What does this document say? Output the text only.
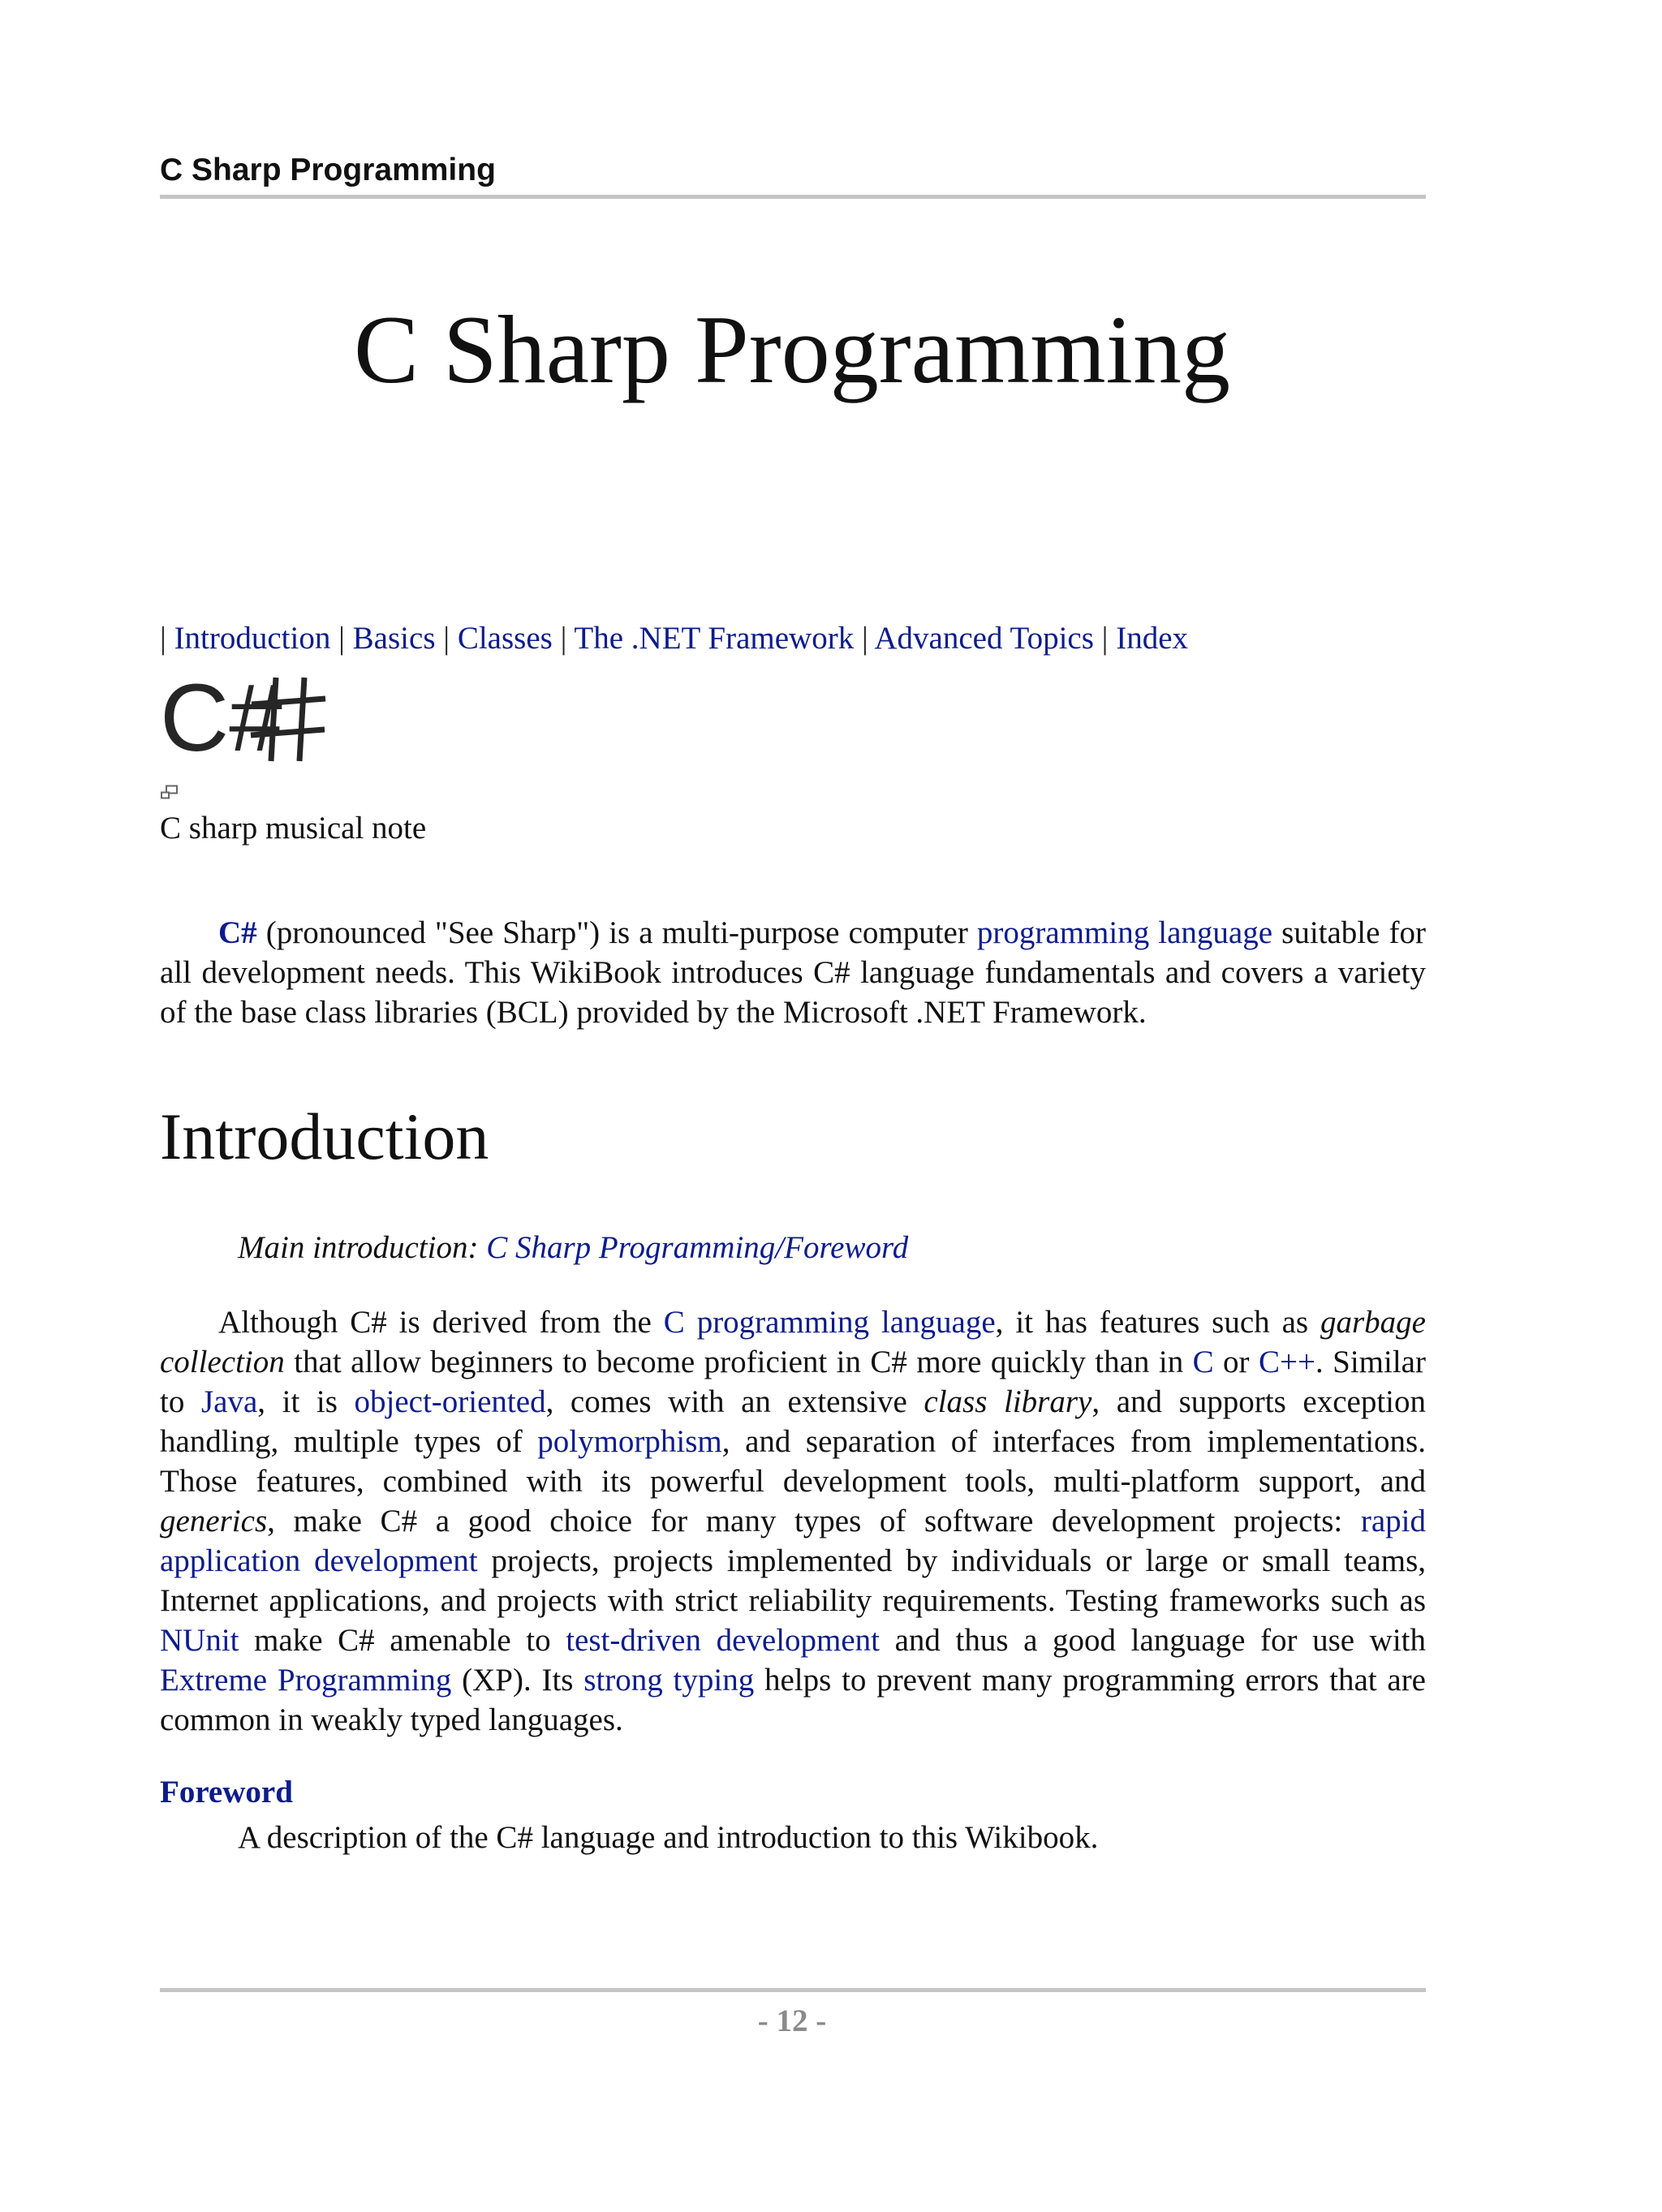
C Sharp Programming
C Sharp Programming
| Introduction | Basics | Classes | The .NET Framework | Advanced Topics | Index
C#
C sharp musical note

C# (pronounced "See Sharp") is a multi-purpose computer programming language suitable for all development needs. This WikiBook introduces C# language fundamentals and covers a variety of the base class libraries (BCL) provided by the Microsoft .NET Framework.

Introduction
Main introduction: C Sharp Programming/Foreword

Although C# is derived from the C programming language, it has features such as garbage collection that allow beginners to become proficient in C# more quickly than in C or C++. Similar to Java, it is object-oriented, comes with an extensive class library, and supports exception handling, multiple types of polymorphism, and separation of interfaces from implementations. Those features, combined with its powerful development tools, multi-platform support, and generics, make C# a good choice for many types of software development projects: rapid application development projects, projects implemented by individuals or large or small teams, Internet applications, and projects with strict reliability requirements. Testing frameworks such as NUnit make C# amenable to test-driven development and thus a good language for use with Extreme Programming (XP). Its strong typing helps to prevent many programming errors that are common in weakly typed languages.

Foreword
A description of the C# language and introduction to this Wikibook.
- 12 -
